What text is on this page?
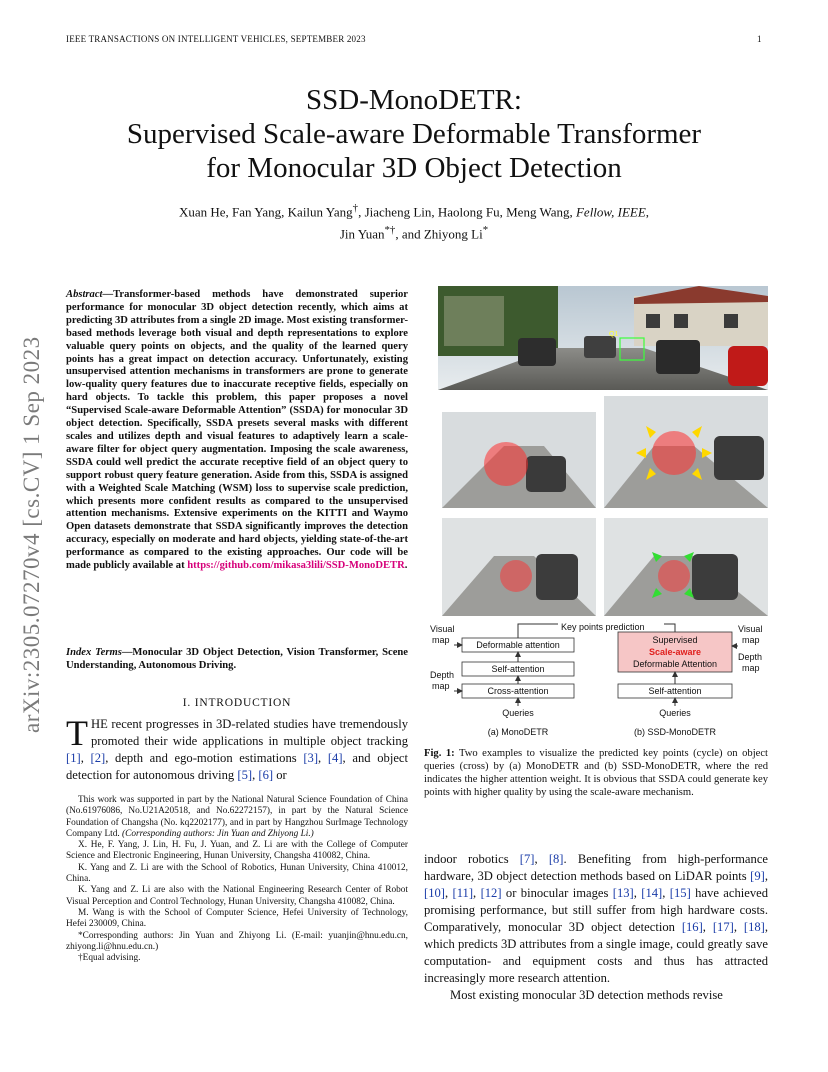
IEEE TRANSACTIONS ON INTELLIGENT VEHICLES, SEPTEMBER 2023	1
SSD-MonoDETR:
Supervised Scale-aware Deformable Transformer
for Monocular 3D Object Detection
Xuan He, Fan Yang, Kailun Yang†, Jiacheng Lin, Haolong Fu, Meng Wang, Fellow, IEEE,
Jin Yuan*†, and Zhiyong Li*
arXiv:2305.07270v4 [cs.CV] 1 Sep 2023
Abstract—Transformer-based methods have demonstrated superior performance for monocular 3D object detection recently, which aims at predicting 3D attributes from a single 2D image. Most existing transformer-based methods leverage both visual and depth representations to explore valuable query points on objects, and the quality of the learned query points has a great impact on detection accuracy. Unfortunately, existing unsupervised attention mechanisms in transformers are prone to generate low-quality query features due to inaccurate receptive fields, especially on hard objects. To tackle this problem, this paper proposes a novel “Supervised Scale-aware Deformable Attention” (SSDA) for monocular 3D object detection. Specifically, SSDA presets several masks with different scales and utilizes depth and visual features to adaptively learn a scale-aware filter for object query augmentation. Imposing the scale awareness, SSDA could well predict the accurate receptive field of an object query to support robust query feature generation. Aside from this, SSDA is assigned with a Weighted Scale Matching (WSM) loss to supervise scale prediction, which presents more confident results as compared to the unsupervised attention mechanisms. Extensive experiments on the KITTI and Waymo Open datasets demonstrate that SSDA significantly improves the detection accuracy, especially on moderate and hard objects, yielding state-of-the-art performance as compared to the existing approaches. Our code will be made publicly available at https://github.com/mikasa3lili/SSD-MonoDETR.
Index Terms—Monocular 3D Object Detection, Vision Transformer, Scene Understanding, Autonomous Driving.
I. INTRODUCTION
THE recent progresses in 3D-related studies have tremendously promoted their wide applications in multiple object tracking [1], [2], depth and ego-motion estimations [3], [4], and object detection for autonomous driving [5], [6] or

This work was supported in part by the National Natural Science Foundation of China (No.61976086, No.U21A20518, and No.62272157), in part by the Natural Science Foundation of Changsha (No. kq2202177), and in part by Hangzhou SurImage Technology Company Ltd. (Corresponding authors: Jin Yuan and Zhiyong Li.)

X. He, F. Yang, J. Lin, H. Fu, J. Yuan, and Z. Li are with the College of Computer Science and Electronic Engineering, Hunan University, Changsha 410082, China.

K. Yang and Z. Li are with the School of Robotics, Hunan University, China 410012, China.

K. Yang and Z. Li are also with the National Engineering Research Center of Robot Visual Perception and Control Technology, Hunan University, Changsha 410082, China.

M. Wang is with the School of Computer Science, Hefei University of Technology, Hefei 230009, China.

*Corresponding authors: Jin Yuan and Zhiyong Li. (E-mail: yuanjin@hnu.edu.cn, zhiyong.li@hnu.edu.cn.)

†Equal advising.

Q1
Visual map
Key points prediction
Deformable attention
Self-attention
Cross-attention
Depth map
Queries
(a) MonoDETR
Supervised
Scale-aware
Deformable Attention
Self-attention
Visual map
Depth map
Queries
(b) SSD-MonoDETR
Fig. 1: Two examples to visualize the predicted key points (cycle) on object queries (cross) by (a) MonoDETR and (b) SSD-MonoDETR, where the red indicates the higher attention weight. It is obvious that SSDA could generate key points with higher quality by using the scale-aware mechanism.

indoor robotics [7], [8]. Benefiting from high-performance hardware, 3D object detection methods based on LiDAR points [9], [10], [11], [12] or binocular images [13], [14], [15] have achieved promising performance, but still suffer from high hardware costs. Comparatively, monocular 3D object detection [16], [17], [18], which predicts 3D attributes from a single image, could greatly save computation- and equipment costs and thus has attracted increasingly more research attention.

Most existing monocular 3D detection methods revise
